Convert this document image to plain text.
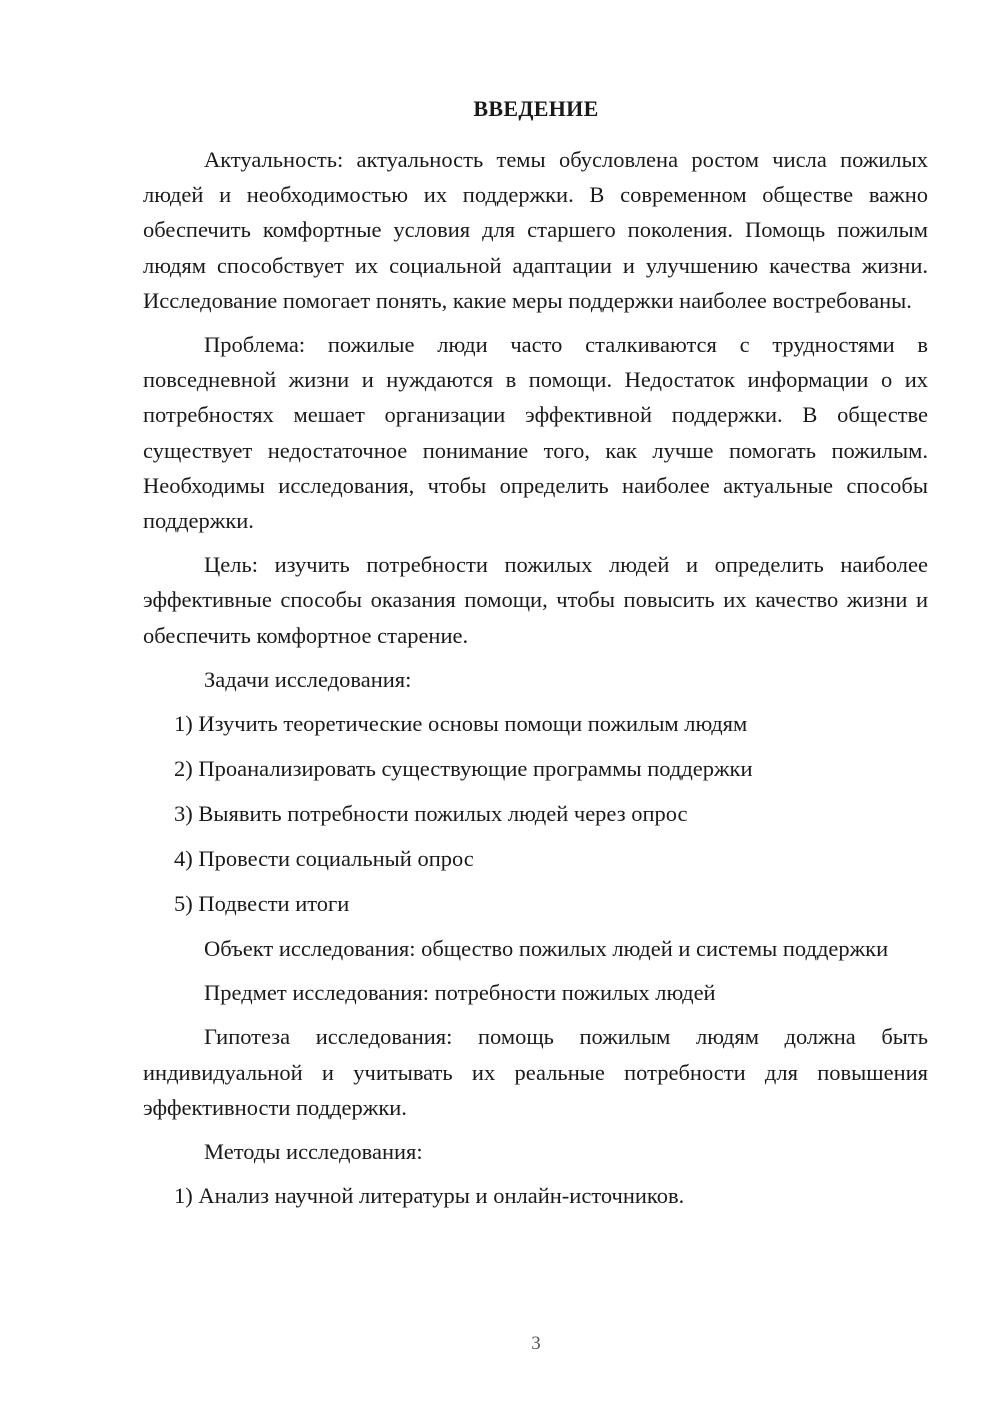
ВВЕДЕНИЕ

Актуальность: актуальность темы обусловлена ростом числа пожилых людей и необходимостью их поддержки. В современном обществе важно обеспечить комфортные условия для старшего поколения. Помощь пожилым людям способствует их социальной адаптации и улучшению качества жизни. Исследование помогает понять, какие меры поддержки наиболее востребованы.

Проблема: пожилые люди часто сталкиваются с трудностями в повседневной жизни и нуждаются в помощи. Недостаток информации о их потребностях мешает организации эффективной поддержки. В обществе существует недостаточное понимание того, как лучше помогать пожилым. Необходимы исследования, чтобы определить наиболее актуальные способы поддержки.

Цель: изучить потребности пожилых людей и определить наиболее эффективные способы оказания помощи, чтобы повысить их качество жизни и обеспечить комфортное старение.

Задачи исследования:

1) Изучить теоретические основы помощи пожилым людям

2) Проанализировать существующие программы поддержки

3) Выявить потребности пожилых людей через опрос

4) Провести социальный опрос

5) Подвести итоги

Объект исследования: общество пожилых людей и системы поддержки

Предмет исследования: потребности пожилых людей

Гипотеза исследования: помощь пожилым людям должна быть индивидуальной и учитывать их реальные потребности для повышения эффективности поддержки.

Методы исследования:

1) Анализ научной литературы и онлайн-источников.

3
